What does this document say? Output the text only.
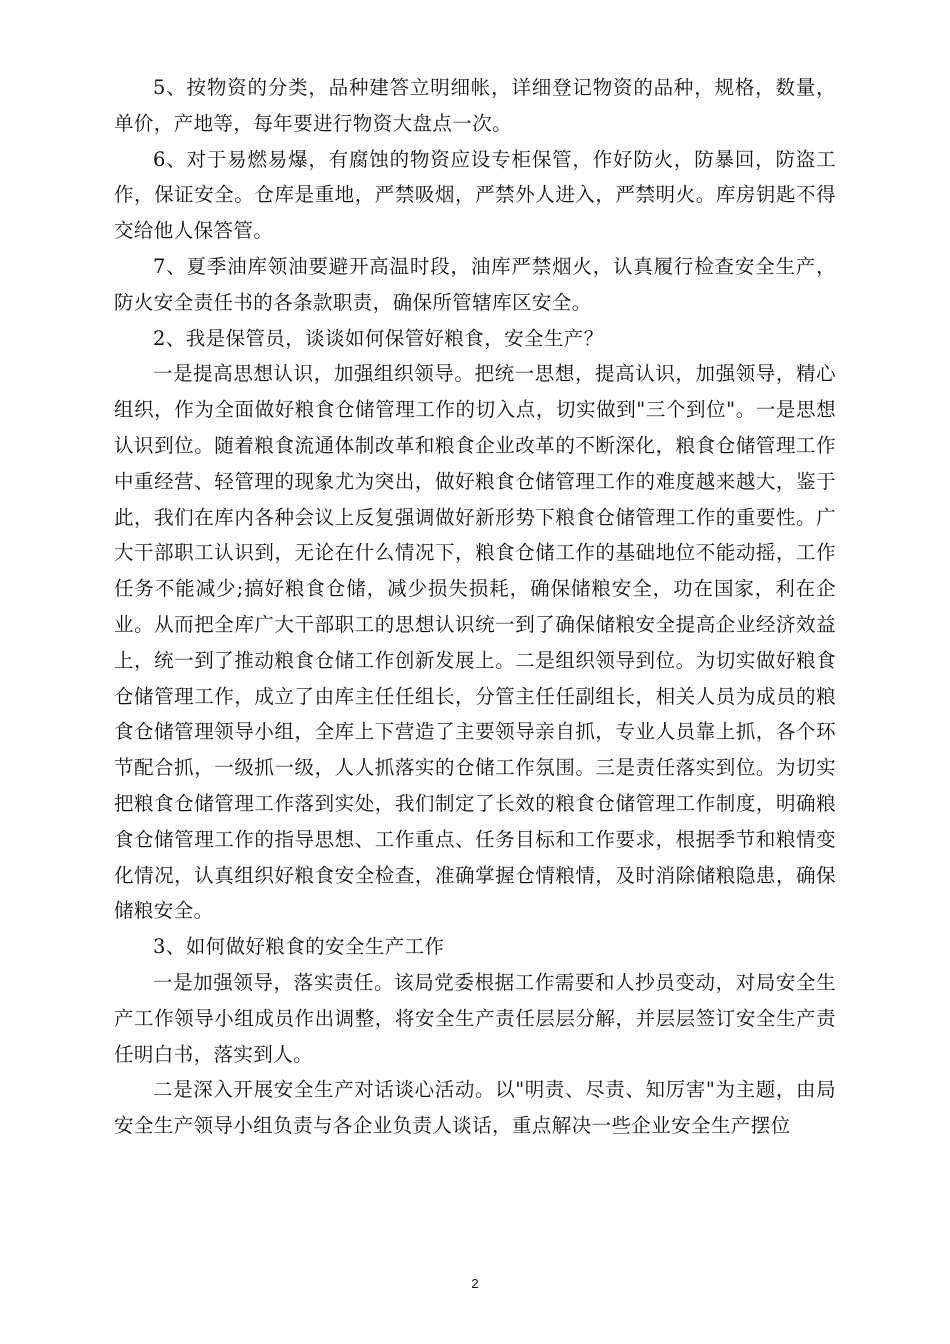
5、按物资的分类，品种建答立明细帐，详细登记物资的品种，规格，数量，单价，产地等，每年要进行物资大盘点一次。

6、对于易燃易爆，有腐蚀的物资应设专柜保管，作好防火，防暴回，防盗工作，保证安全。仓库是重地，严禁吸烟，严禁外人进入，严禁明火。库房钥匙不得交给他人保答管。

7、夏季油库领油要避开高温时段，油库严禁烟火，认真履行检查安全生产，防火安全责任书的各条款职责，确保所管辖库区安全。

2、我是保管员，谈谈如何保管好粮食，安全生产？

一是提高思想认识，加强组织领导。把统一思想，提高认识，加强领导，精心组织，作为全面做好粮食仓储管理工作的切入点，切实做到"三个到位"。一是思想认识到位。随着粮食流通体制改革和粮食企业改革的不断深化，粮食仓储管理工作中重经营、轻管理的现象尤为突出，做好粮食仓储管理工作的难度越来越大，鉴于此，我们在库内各种会议上反复强调做好新形势下粮食仓储管理工作的重要性。广大干部职工认识到，无论在什么情况下，粮食仓储工作的基础地位不能动摇，工作任务不能减少;搞好粮食仓储，减少损失损耗，确保储粮安全，功在国家，利在企业。从而把全库广大干部职工的思想认识统一到了确保储粮安全提高企业经济效益上，统一到了推动粮食仓储工作创新发展上。二是组织领导到位。为切实做好粮食仓储管理工作，成立了由库主任任组长，分管主任任副组长，相关人员为成员的粮食仓储管理领导小组，全库上下营造了主要领导亲自抓，专业人员靠上抓，各个环节配合抓，一级抓一级，人人抓落实的仓储工作氛围。三是责任落实到位。为切实把粮食仓储管理工作落到实处，我们制定了长效的粮食仓储管理工作制度，明确粮食仓储管理工作的指导思想、工作重点、任务目标和工作要求，根据季节和粮情变化情况，认真组织好粮食安全检查，准确掌握仓情粮情，及时消除储粮隐患，确保储粮安全。

3、如何做好粮食的安全生产工作

一是加强领导，落实责任。该局党委根据工作需要和人抄员变动，对局安全生产工作领导小组成员作出调整，将安全生产责任层层分解，并层层签订安全生产责任明白书，落实到人。

二是深入开展安全生产对话谈心活动。以"明责、尽责、知厉害"为主题，由局安全生产领导小组负责与各企业负责人谈话，重点解决一些企业安全生产摆位

2
